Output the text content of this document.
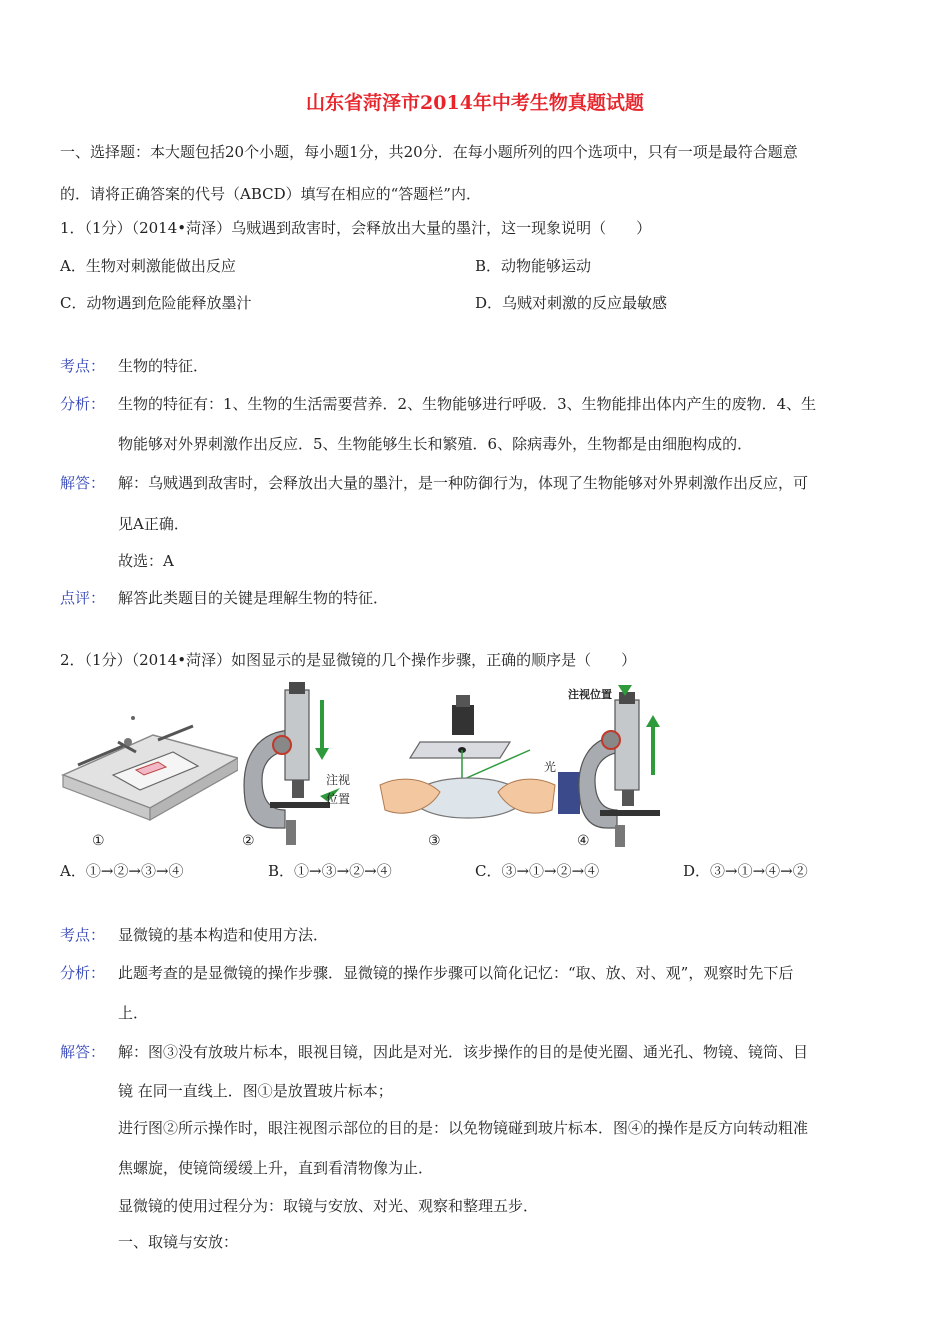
山东省菏泽市2014年中考生物真题试题
一、选择题：本大题包括20个小题，每小题1分，共20分．在每小题所列的四个选项中，只有一项是最符合题意
的．请将正确答案的代号（ABCD）填写在相应的“答题栏”内．
1．（1分）（2014•菏泽）乌贼遇到敌害时，会释放出大量的墨汁，这一现象说明（　　）
A．生物对刺激能做出反应	B．动物能够运动
C．动物遇到危险能释放墨汁	D．乌贼对刺激的反应最敏感
考点： 生物的特征．
分析： 生物的特征有：1、生物的生活需要营养．2、生物能够进行呼吸．3、生物能排出体内产生的废物．4、生
物能够对外界刺激作出反应．5、生物能够生长和繁殖．6、除病毒外，生物都是由细胞构成的．
解答： 解：乌贼遇到敌害时，会释放出大量的墨汁，是一种防御行为，体现了生物能够对外界刺激作出反应，可
见A正确．
故选：A
点评： 解答此类题目的关键是理解生物的特征．
2．（1分）（2014•菏泽）如图显示的是显微镜的几个操作步骤，正确的顺序是（　　）
①
注视
位置
②
光
③	④
注视位置
A．①→②→③→④	B．①→③→②→④	C．③→①→②→④	D．③→①→④→②
考点： 显微镜的基本构造和使用方法．
分析： 此题考查的是显微镜的操作步骤．显微镜的操作步骤可以简化记忆：“取、放、对、观”，观察时先下后
上．
解答： 解：图③没有放玻片标本，眼视目镜，因此是对光．该步操作的目的是使光圈、通光孔、物镜、镜筒、目
镜 在同一直线上．图①是放置玻片标本；
进行图②所示操作时，眼注视图示部位的目的是：以免物镜碰到玻片标本．图④的操作是反方向转动粗准
焦螺旋，使镜筒缓缓上升，直到看清物像为止．
显微镜的使用过程分为：取镜与安放、对光、观察和整理五步．
一、取镜与安放：
